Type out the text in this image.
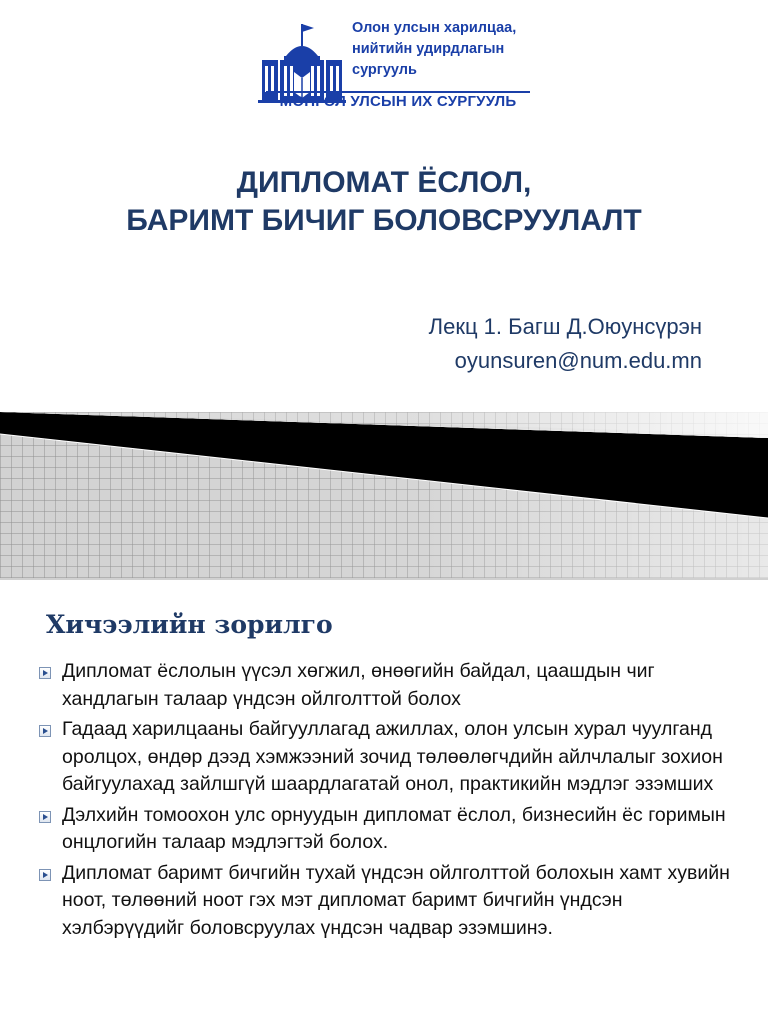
Олон улсын харилцаа,
нийтийн удирдлагын
сургууль
МОНГОЛ УЛСЫН ИХ СУРГУУЛЬ
ДИПЛОМАТ ЁСЛОЛ,
БАРИМТ БИЧИГ БОЛОВСРУУЛАЛТ
Лекц 1. Багш Д.Оюунсүрэн
oyunsuren@num.edu.mn
Хичээлийн зорилго
Дипломат ёслолын үүсэл хөгжил, өнөөгийн байдал, цаашдын чиг хандлагын талаар үндсэн ойлголттой болох
Гадаад харилцааны байгууллагад ажиллах, олон улсын хурал чуулганд оролцох, өндөр дээд хэмжээний зочид төлөөлөгчдийн айлчлалыг зохион байгуулахад зайлшгүй шаардлагатай онол, практикийн мэдлэг эзэмших
Дэлхийн томоохон улс орнуудын дипломат ёслол, бизнесийн ёс горимын онцлогийн талаар мэдлэгтэй болох.
Дипломат баримт бичгийн тухай үндсэн ойлголттой болохын хамт хувийн ноот, төлөөний ноот гэх мэт дипломат баримт бичгийн үндсэн хэлбэрүүдийг боловсруулах үндсэн чадвар эзэмшинэ.
